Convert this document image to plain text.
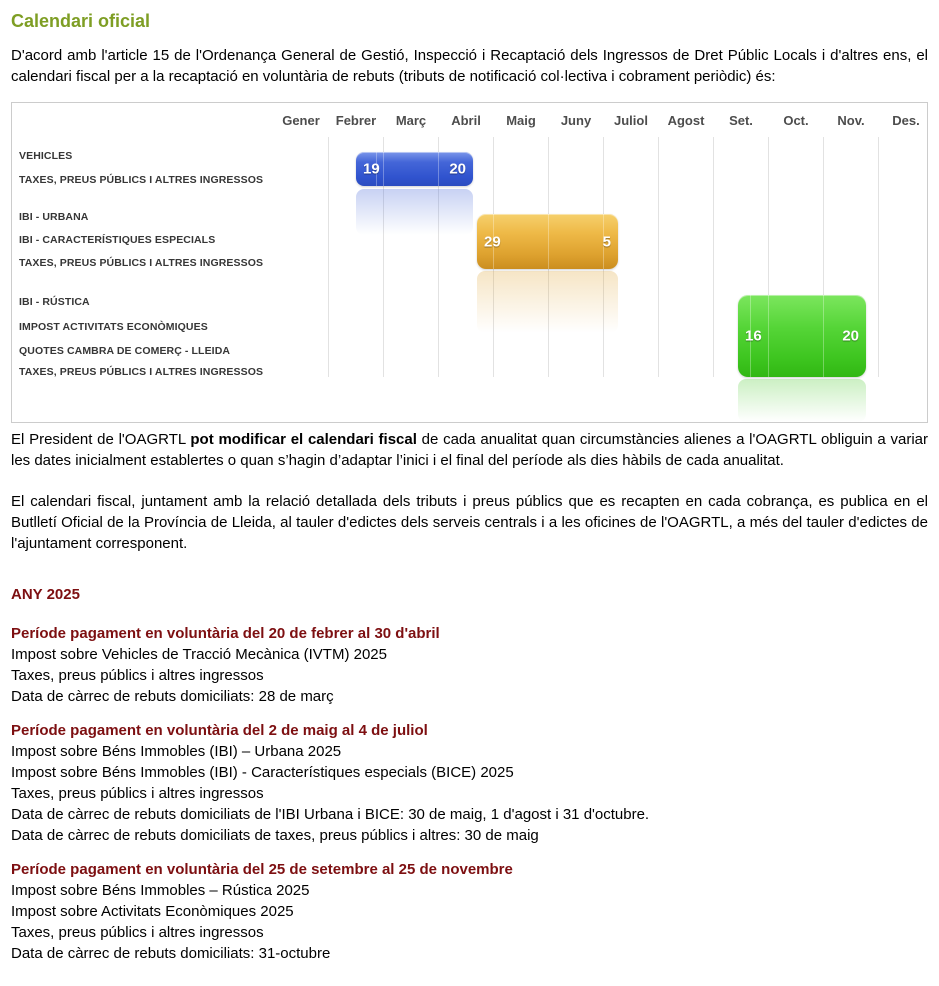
Calendari oficial

D'acord amb l'article 15 de l'Ordenança General de Gestió, Inspecció i Recaptació dels Ingressos de Dret Públic Locals i d'altres ens, el calendari fiscal per a la recaptació en voluntària de rebuts (tributs de notificació col·lectiva i cobrament periòdic) és:

Gener	Febrer	Març	Abril	Maig	Juny	Juliol	Agost	Set.	Oct.	Nov.	Des.
VEHICLES
TAXES, PREUS PÚBLICS I ALTRES INGRESSOS
IBI - URBANA
IBI - CARACTERÍSTIQUES ESPECIALS
TAXES, PREUS PÚBLICS I ALTRES INGRESSOS
IBI - RÚSTICA
IMPOST ACTIVITATS ECONÒMIQUES
QUOTES CAMBRA DE COMERÇ - LLEIDA
TAXES, PREUS PÚBLICS I ALTRES INGRESSOS
19	20
29	5
16	20

El President de l'OAGRTL pot modificar el calendari fiscal de cada anualitat quan circumstàncies alienes a l'OAGRTL obliguin a variar les dates inicialment establertes o quan s’hagin d’adaptar l’inici i el final del període als dies hàbils de cada anualitat.

El calendari fiscal, juntament amb la relació detallada dels tributs i preus públics que es recapten en cada cobrança, es publica en el Butlletí Oficial de la Província de Lleida, al tauler d'edictes dels serveis centrals i a les oficines de l'OAGRTL, a més del tauler d'edictes de l'ajuntament corresponent.

ANY 2025
Període pagament en voluntària del 20 de febrer al 30 d'abril
Impost sobre Vehicles de Tracció Mecànica (IVTM) 2025
Taxes, preus públics i altres ingressos
Data de càrrec de rebuts domiciliats: 28 de març
Període pagament en voluntària del 2 de maig al 4 de juliol
Impost sobre Béns Immobles (IBI) – Urbana 2025
Impost sobre Béns Immobles (IBI) - Característiques especials (BICE) 2025
Taxes, preus públics i altres ingressos
Data de càrrec de rebuts domiciliats de l'IBI Urbana i BICE: 30 de maig, 1 d'agost i 31 d'octubre.
Data de càrrec de rebuts domiciliats de taxes, preus públics i altres: 30 de maig
Període pagament en voluntària del 25 de setembre al 25 de novembre
Impost sobre Béns Immobles – Rústica 2025
Impost sobre Activitats Econòmiques 2025
Taxes, preus públics i altres ingressos
Data de càrrec de rebuts domiciliats: 31-octubre
